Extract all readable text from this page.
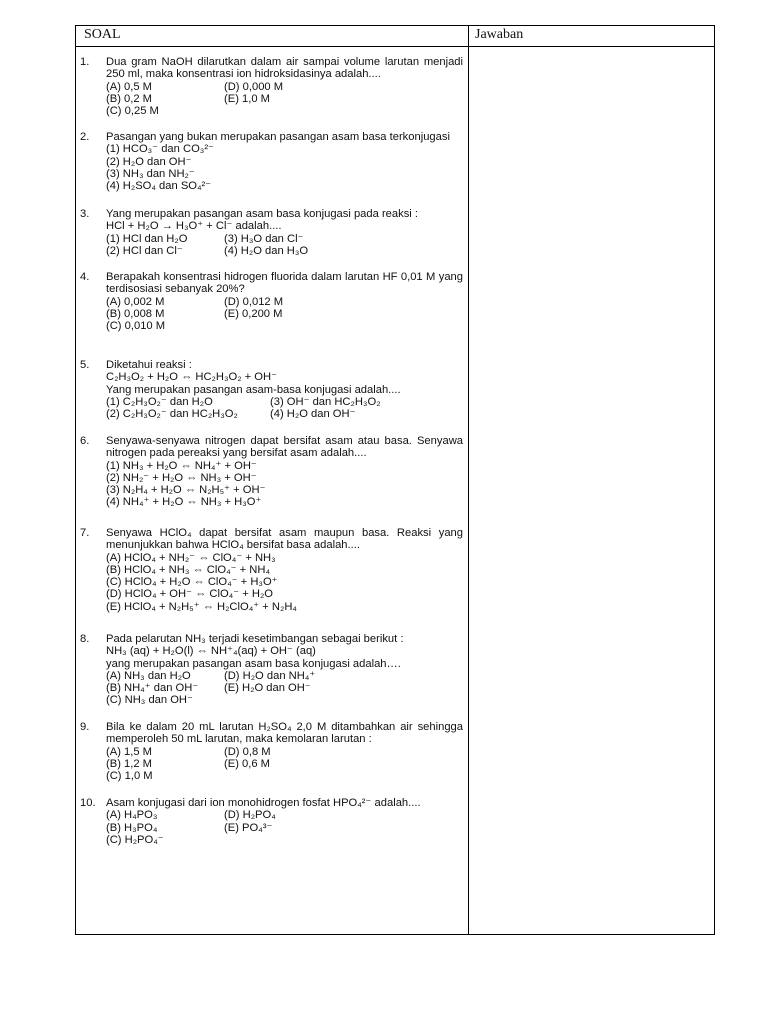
SOAL	Jawaban
1.	Dua gram NaOH dilarutkan dalam air sampai volume larutan menjadi 250 ml, maka konsentrasi ion hidroksidasinya adalah....
(A) 0,5 M	(D) 0,000 M
(B) 0,2 M	(E) 1,0 M
(C) 0,25 M
2.	Pasangan yang bukan merupakan pasangan asam basa terkonjugasi
(1) HCO₃⁻ dan CO₃²⁻
(2) H₂O dan OH⁻
(3) NH₃ dan NH₂⁻
(4) H₂SO₄ dan SO₄²⁻
3.	Yang merupakan pasangan asam basa konjugasi pada reaksi :
HCl + H₂O → H₃O⁺ + Cl⁻ adalah....
(1) HCl dan H₂O	(3) H₃O dan Cl⁻
(2) HCl dan Cl⁻	(4) H₂O dan H₃O
4.	Berapakah konsentrasi hidrogen fluorida dalam larutan HF 0,01 M yang terdisosiasi sebanyak 20%?
(A) 0,002 M	(D) 0,012 M
(B) 0,008 M	(E) 0,200 M
(C) 0,010 M
5.	Diketahui reaksi :
C₂H₃O₂ + H₂O ⇔ HC₂H₃O₂ + OH⁻
Yang merupakan pasangan asam-basa konjugasi adalah....
(1) C₂H₃O₂⁻ dan H₂O	(3) OH⁻ dan HC₂H₃O₂
(2) C₂H₃O₂⁻ dan HC₂H₃O₂	(4) H₂O dan OH⁻
6.	Senyawa-senyawa nitrogen dapat bersifat asam atau basa. Senyawa nitrogen pada pereaksi yang bersifat asam adalah....
(1) NH₃ + H₂O ⇔ NH₄⁺ + OH⁻
(2) NH₂⁻ + H₂O ⇔ NH₃ + OH⁻
(3) N₂H₄ + H₂O ⇔ N₂H₅⁺ + OH⁻
(4) NH₄⁺ + H₂O ⇔ NH₃ + H₃O⁺
7.	Senyawa HClO₄ dapat bersifat asam maupun basa. Reaksi yang menunjukkan bahwa HClO₄ bersifat basa adalah....
(A) HClO₄ + NH₂⁻ ⇔ ClO₄⁻ + NH₃
(B) HClO₄ + NH₃ ⇔ ClO₄⁻ + NH₄
(C) HClO₄ + H₂O ⇔ ClO₄⁻ + H₃O⁺
(D) HClO₄ + OH⁻ ⇔ ClO₄⁻ + H₂O
(E) HClO₄ + N₂H₅⁺ ⇔ H₂ClO₄⁺ + N₂H₄
8.	Pada pelarutan NH₃ terjadi kesetimbangan sebagai berikut :
NH₃ (aq) + H₂O(l) ⇔ NH⁺₄(aq) + OH⁻ (aq)
yang merupakan pasangan asam basa konjugasi adalah….
(A) NH₃ dan H₂O	(D) H₂O dan NH₄⁺
(B) NH₄⁺ dan OH⁻	(E) H₂O dan OH⁻
(C) NH₃ dan OH⁻
9.	Bila ke dalam 20 mL larutan H₂SO₄ 2,0 M ditambahkan air sehingga memperoleh 50 mL larutan, maka kemolaran larutan :
(A) 1,5 M	(D) 0,8 M
(B) 1,2 M	(E) 0,6 M
(C) 1,0 M
10. Asam konjugasi dari ion monohidrogen fosfat HPO₄²⁻ adalah....
(A) H₄PO₃	(D) H₂PO₄
(B) H₃PO₄	(E) PO₄³⁻
(C) H₂PO₄⁻
